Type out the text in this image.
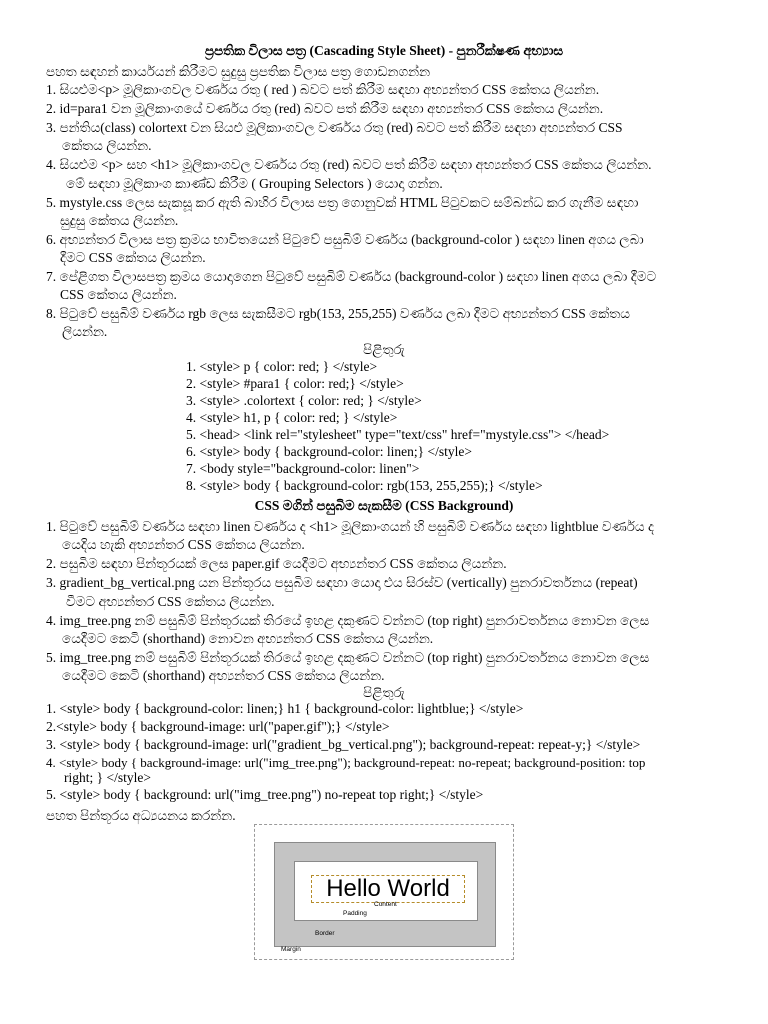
ප්‍රපතික විලාස පත්‍ර (Cascading Style Sheet) - පුනරීක්ෂණ අභ්‍යාස
පහත සඳහන් කාර්යයන් කිරීමට සුදුසු ප්‍රපතික විලාස පත්‍ර ගොඩනගන්න
1. සියළුම<p> මූලිකාංගවල වර්ණය රතු ( red ) බවට පත් කිරීම සඳහා අභ්‍යන්තර CSS කේතය ලියන්න.
2. id=para1 වන මූලිකාංගයේ වර්ණය රතු (red) බවට පත් කිරීම සඳහා අභ්‍යන්තර CSS කේතය ලියන්න.
3. පන්තිය(class) colortext වන සියළු මූලිකාංගවල වර්ණය රතු (red) බවට පත් කිරීම සඳහා අභ්‍යන්තර CSS
කේතය ලියන්න.
4. සියළුම <p> සහ <h1> මූලිකාංගවල වර්ණය රතු (red) බවට පත් කිරීම සඳහා අභ්‍යන්තර CSS කේතය ලියන්න.
මේ සඳහා මූලිකාංග කාණ්ඩ කිරීම ( Grouping Selectors ) යොදා ගන්න.
5. mystyle.css ලෙස සැකසූ කර ඇති බාහිර විලාස පත්‍ර ගොනුවක් HTML පිටුවකට සම්බන්ධ කර ගැනීම සඳහා
සුදුසු කේතය ලියන්න.
6. අභ්‍යන්තර විලාස පත්‍ර ක්‍රමය භාවිතයෙන් පිටුවේ පසුබිම් වර්ණය (background-color ) සඳහා linen අගය ලබා
දීමට CSS කේතය ලියන්න.
7. පේළිගත විලාසපත්‍ර ක්‍රමය යොදාගෙන පිටුවේ පසුබිම් වර්ණය (background-color ) සඳහා linen අගය ලබා දීමට
CSS කේතය ලියන්න.
8. පිටුවේ පසුබිම් වර්ණය rgb ලෙස සැකසීමට rgb(153, 255,255) වර්ණය ලබා දීමට අභ්‍යන්තර CSS කේතය
ලියන්න.
පිළිතුරු
1. <style> p { color: red; } </style>
2. <style> #para1 { color: red;} </style>
3. <style> .colortext { color: red; } </style>
4. <style> h1, p { color: red; } </style>
5. <head> <link rel="stylesheet" type="text/css" href="mystyle.css"> </head>
6. <style> body { background-color: linen;} </style>
7. <body style="background-color: linen">
8. <style> body { background-color: rgb(153, 255,255);} </style>
CSS මගින් පසුබිම සැකසීම (CSS Background)
1. පිටුවේ පසුබිම් වර්ණය සඳහා linen වර්ණය ද <h1> මූලිකාංගයන් හි පසුබිම් වර්ණය සඳහා lightblue වර්ණය ද
යෙදිය හැකි අභ්‍යන්තර CSS කේතය ලියන්න.
2. පසුබිම සඳහා පින්තූරයක් ලෙස paper.gif යෙදීමට අභ්‍යන්තර CSS කේතය ලියන්න.
3. gradient_bg_vertical.png යන පින්තූරය පසුබිම සඳහා යොදා එය සිරස්ව (vertically) පුනරාවර්තනය (repeat)
වීමට අභ්‍යන්තර CSS කේතය ලියන්න.
4. img_tree.png නම් පසුබිම් පින්තූරයක් තිරයේ ඉහළ දකුණට වන්නට (top right) පුනරාවර්තනය නොවන ලෙස
යෙදීමට කෙටි (shorthand) නොවන අභ්‍යන්තර CSS කේතය ලියන්න.
5. img_tree.png නම් පසුබිම් පින්තූරයක් තිරයේ ඉහළ දකුණට වන්නට (top right) පුනරාවර්තනය නොවන ලෙස
යෙදීමට කෙටි (shorthand) අභ්‍යන්තර CSS කේතය ලියන්න.
පිළිතුරු
1. <style> body { background-color: linen;} h1 { background-color: lightblue;} </style>
2.<style> body { background-image: url("paper.gif");} </style>
3. <style> body { background-image: url("gradient_bg_vertical.png"); background-repeat: repeat-y;} </style>
4. <style> body { background-image: url("img_tree.png"); background-repeat: no-repeat; background-position: top
right; } </style>
5. <style> body { background: url("img_tree.png") no-repeat top right;} </style>
පහත පින්තූරය අධ්‍යයනය කරන්න.
Hello World
Content
Padding
Border
Margin
